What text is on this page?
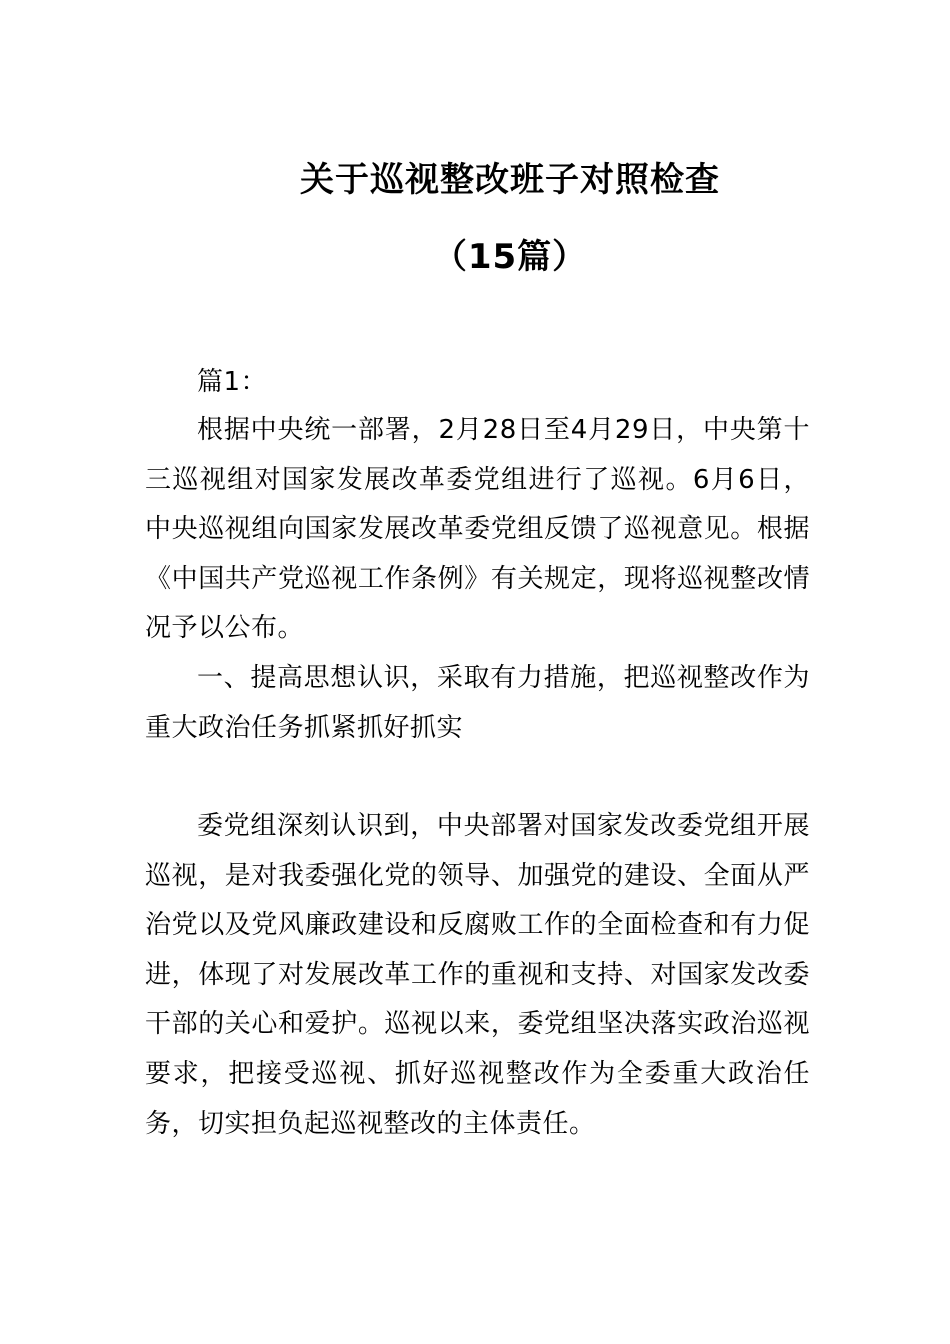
关于巡视整改班子对照检查
（15篇）

篇1：

根据中央统一部署，2月28日至4月29日，中央第十三巡视组对国家发展改革委党组进行了巡视。6月6日，中央巡视组向国家发展改革委党组反馈了巡视意见。根据《中国共产党巡视工作条例》有关规定，现将巡视整改情况予以公布。

一、提高思想认识，采取有力措施，把巡视整改作为重大政治任务抓紧抓好抓实

委党组深刻认识到，中央部署对国家发改委党组开展巡视，是对我委强化党的领导、加强党的建设、全面从严治党以及党风廉政建设和反腐败工作的全面检查和有力促进，体现了对发展改革工作的重视和支持、对国家发改委干部的关心和爱护。巡视以来，委党组坚决落实政治巡视要求，把接受巡视、抓好巡视整改作为全委重大政治任务，切实担负起巡视整改的主体责任。
